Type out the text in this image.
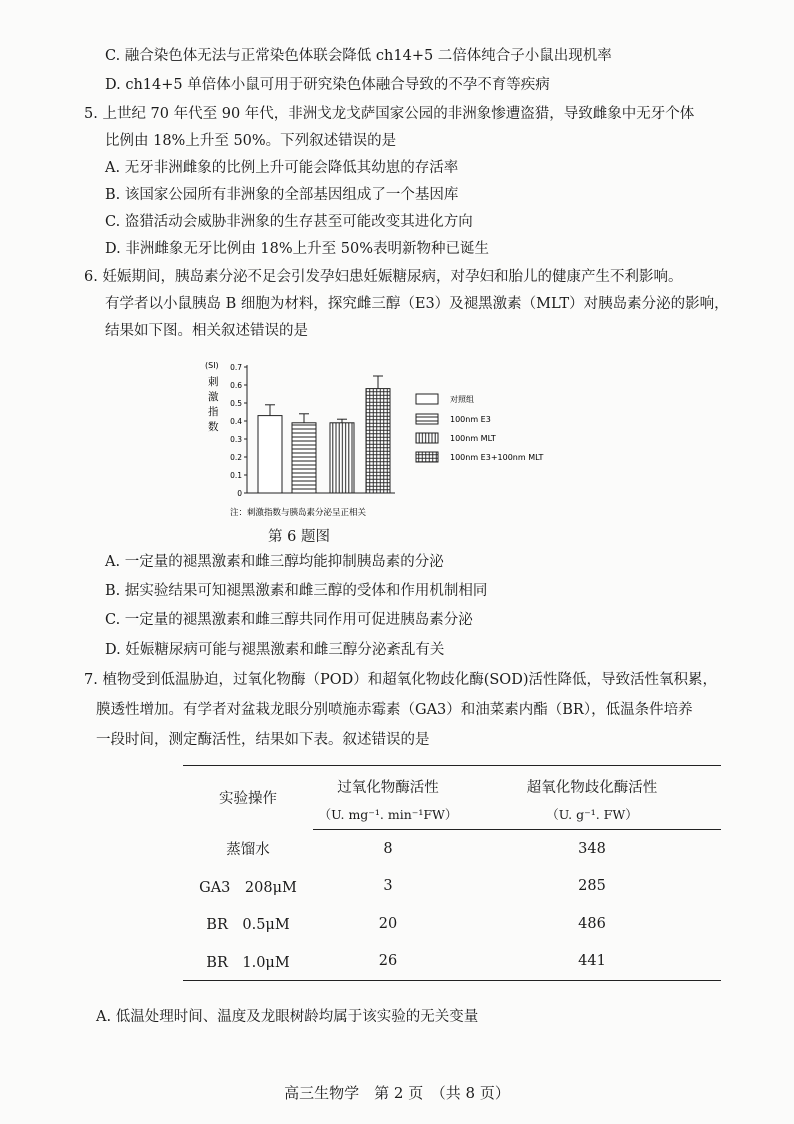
C. 融合染色体无法与正常染色体联会降低 ch14+5 二倍体纯合子小鼠出现机率
D. ch14+5 单倍体小鼠可用于研究染色体融合导致的不孕不育等疾病
5. 上世纪 70 年代至 90 年代，非洲戈龙戈萨国家公园的非洲象惨遭盗猎，导致雌象中无牙个体
比例由 18%上升至 50%。下列叙述错误的是
A. 无牙非洲雌象的比例上升可能会降低其幼崽的存活率
B. 该国家公园所有非洲象的全部基因组成了一个基因库
C. 盗猎活动会威胁非洲象的生存甚至可能改变其进化方向
D. 非洲雌象无牙比例由 18%上升至 50%表明新物种已诞生
6. 妊娠期间，胰岛素分泌不足会引发孕妇患妊娠糖尿病，对孕妇和胎儿的健康产生不利影响。
有学者以小鼠胰岛 B 细胞为材料，探究雌三醇（E3）及褪黑激素（MLT）对胰岛素分泌的影响，
结果如下图。相关叙述错误的是
(SI)
刺
激
指
数
0
0.1
0.2
0.3
0.4
0.5
0.6
0.7
注：刺激指数与胰岛素分泌呈正相关
对照组
100nm E3
100nm MLT
100nm E3+100nm MLT
第 6 题图
A. 一定量的褪黑激素和雌三醇均能抑制胰岛素的分泌
B. 据实验结果可知褪黑激素和雌三醇的受体和作用机制相同
C. 一定量的褪黑激素和雌三醇共同作用可促进胰岛素分泌
D. 妊娠糖尿病可能与褪黑激素和雌三醇分泌紊乱有关
7. 植物受到低温胁迫，过氧化物酶（POD）和超氧化物歧化酶(SOD)活性降低，导致活性氧积累，
膜透性增加。有学者对盆栽龙眼分别喷施赤霉素（GA3）和油菜素内酯（BR），低温条件培养
一段时间，测定酶活性，结果如下表。叙述错误的是
实验操作	过氧化物酶活性	超氧化物歧化酶活性
	（U. mg⁻¹. min⁻¹FW）	（U. g⁻¹. FW）
蒸馏水	8	348
GA3　208μM	3	285
BR　0.5μM	20	486
BR　1.0μM	26	441
A. 低温处理时间、温度及龙眼树龄均属于该实验的无关变量
高三生物学　第 2 页　（共 8 页）
